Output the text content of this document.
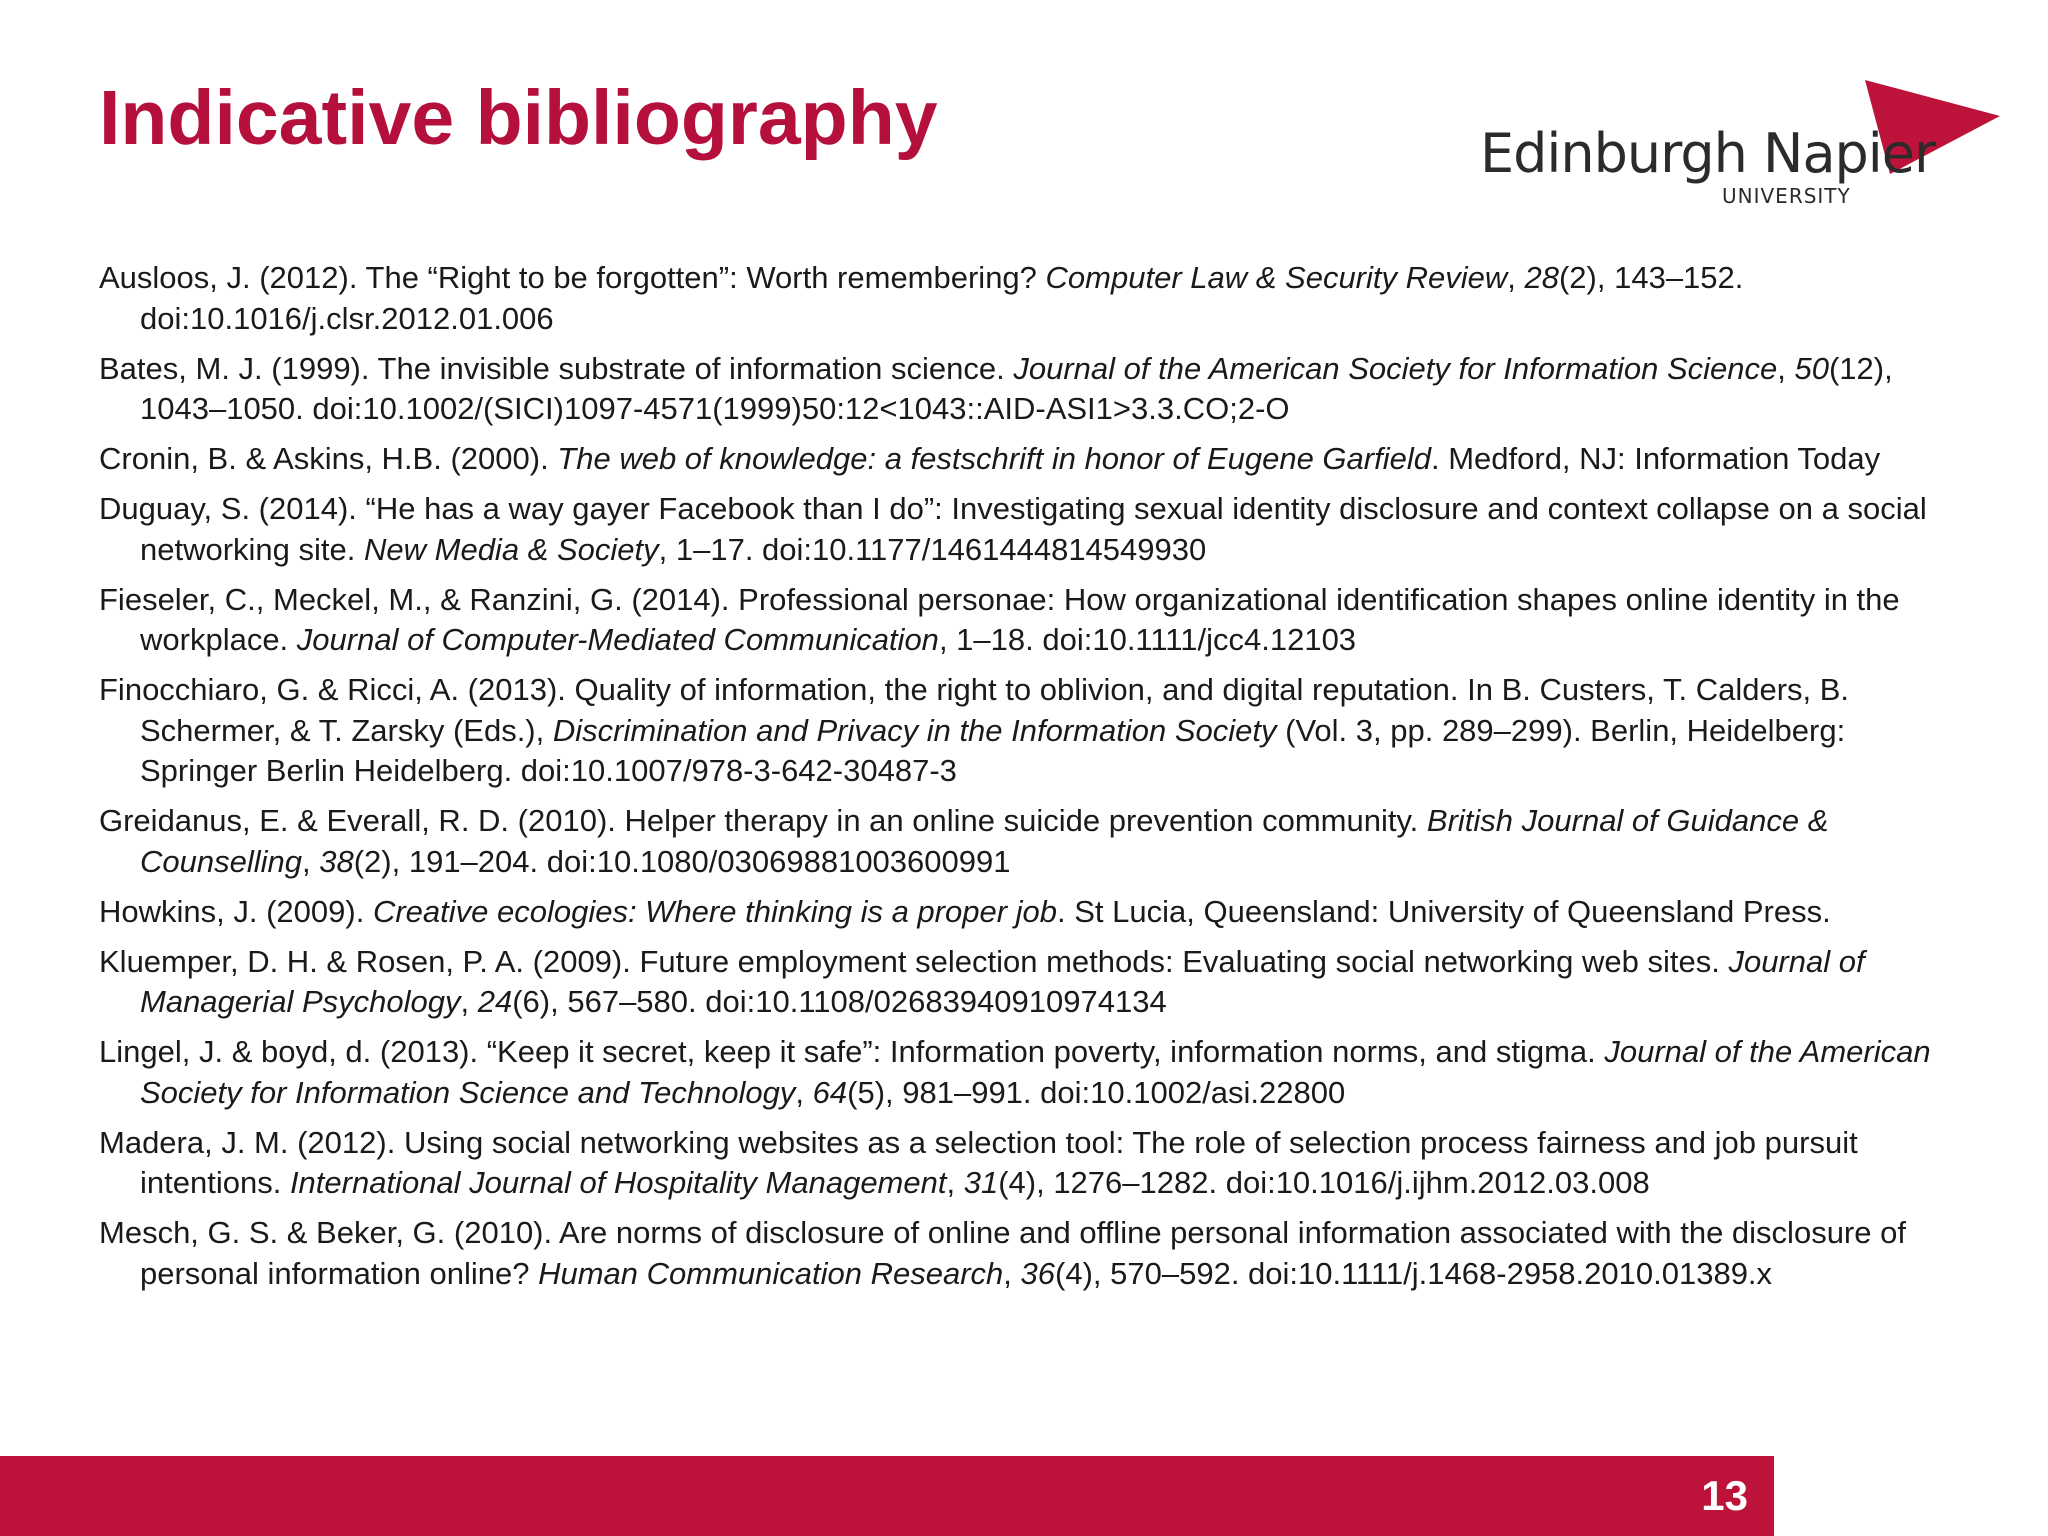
Indicative bibliography	Edinburgh Napier
UNIVERSITY

Ausloos, J. (2012). The “Right to be forgotten”: Worth remembering? Computer Law & Security Review, 28(2), 143–152. doi:10.1016/j.clsr.2012.01.006

Bates, M. J. (1999). The invisible substrate of information science. Journal of the American Society for Information Science, 50(12), 1043–1050. doi:10.1002/(SICI)1097-4571(1999)50:12<1043::AID-ASI1>3.3.CO;2-O

Cronin, B. & Askins, H.B. (2000). The web of knowledge: a festschrift in honor of Eugene Garfield. Medford, NJ: Information Today

Duguay, S. (2014). “He has a way gayer Facebook than I do”: Investigating sexual identity disclosure and context collapse on a social networking site. New Media & Society, 1–17. doi:10.1177/1461444814549930

Fieseler, C., Meckel, M., & Ranzini, G. (2014). Professional personae: How organizational identification shapes online identity in the workplace. Journal of Computer-Mediated Communication, 1–18. doi:10.1111/jcc4.12103

Finocchiaro, G. & Ricci, A. (2013). Quality of information, the right to oblivion, and digital reputation. In B. Custers, T. Calders, B. Schermer, & T. Zarsky (Eds.), Discrimination and Privacy in the Information Society (Vol. 3, pp. 289–299). Berlin, Heidelberg: Springer Berlin Heidelberg. doi:10.1007/978-3-642-30487-3

Greidanus, E. & Everall, R. D. (2010). Helper therapy in an online suicide prevention community. British Journal of Guidance & Counselling, 38(2), 191–204. doi:10.1080/03069881003600991

Howkins, J. (2009). Creative ecologies: Where thinking is a proper job. St Lucia, Queensland: University of Queensland Press.

Kluemper, D. H. & Rosen, P. A. (2009). Future employment selection methods: Evaluating social networking web sites. Journal of Managerial Psychology, 24(6), 567–580. doi:10.1108/02683940910974134

Lingel, J. & boyd, d. (2013). “Keep it secret, keep it safe”: Information poverty, information norms, and stigma. Journal of the American Society for Information Science and Technology, 64(5), 981–991. doi:10.1002/asi.22800

Madera, J. M. (2012). Using social networking websites as a selection tool: The role of selection process fairness and job pursuit intentions. International Journal of Hospitality Management, 31(4), 1276–1282. doi:10.1016/j.ijhm.2012.03.008

Mesch, G. S. & Beker, G. (2010). Are norms of disclosure of online and offline personal information associated with the disclosure of personal information online? Human Communication Research, 36(4), 570–592. doi:10.1111/j.1468-2958.2010.01389.x

13
